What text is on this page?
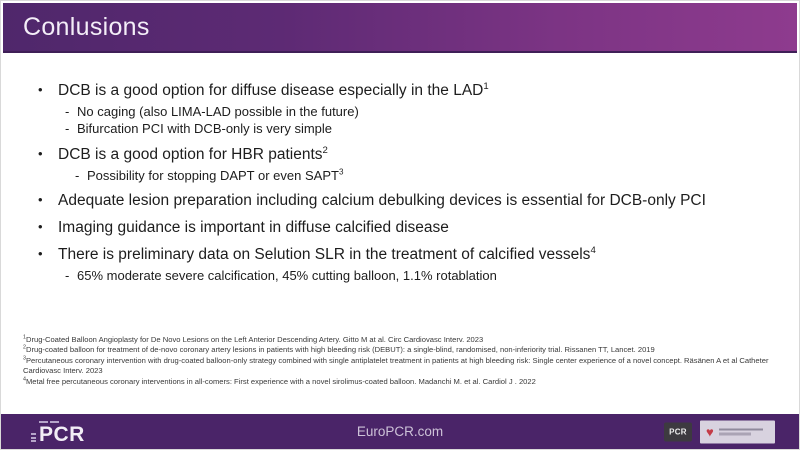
Conlusions
• DCB is a good option for diffuse disease especially in the LAD$^1$
- No caging (also LIMA-LAD possible in the future)
- Bifurcation PCI with DCB-only is very simple
• DCB is a good option for HBR patients$^2$
- Possibility for stopping DAPT or even SAPT$^3$
• Adequate lesion preparation including calcium debulking devices is essential for DCB-only PCI
• Imaging guidance is important in diffuse calcified disease
• There is preliminary data on Selution SLR in the treatment of calcified vessels$^4$
- 65% moderate severe calcification, 45% cutting balloon, 1.1% rotablation
$^1$Drug-Coated Balloon Angioplasty for De Novo Lesions on the Left Anterior Descending Artery. Gitto M at al. Circ Cardiovasc Interv. 2023
$^2$Drug-coated balloon for treatment of de-novo coronary artery lesions in patients with high bleeding risk (DEBUT): a single-blind, randomised, non-inferiority trial. Rissanen TT, Lancet. 2019
$^3$Percutaneous coronary intervention with drug-coated balloon-only strategy combined with single antiplatelet treatment in patients at high bleeding risk: Single center experience of a novel concept. Räsänen A et al Catheter Cardiovasc Interv. 2023
$^4$Metal free percutaneous coronary interventions in all-comers: First experience with a novel sirolimus-coated balloon. Madanchi M. et al. Cardiol J . 2022
PCR	EuroPCR.com	PCR ♥
